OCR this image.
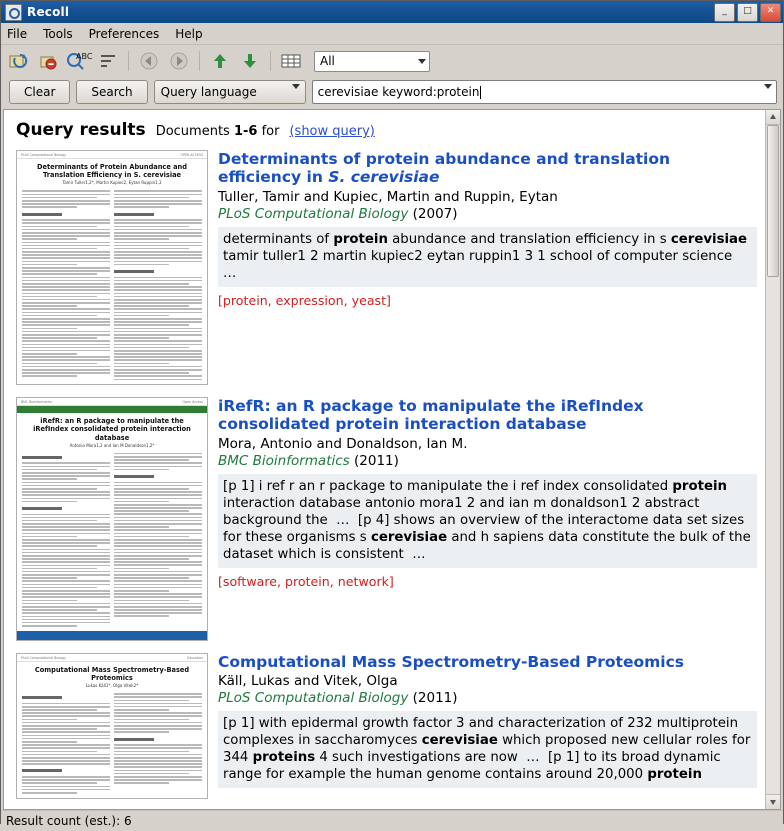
Recoll	_	□	✕
File Tools Preferences Help
ABC	All
Clear	Search	Query language	cerevisiae keyword:protein
Query results Documents 1-6 for (show query)
PLoS Computational Biology	OPEN ACCESS
Determinants of Protein Abundance and Translation Efficiency in S. cerevisiae
Tamir Tuller1,2*, Martin Kupiec2, Eytan Ruppin1,3
Determinants of protein abundance and translation efficiency in S. cerevisiae
Tuller, Tamir and Kupiec, Martin and Ruppin, Eytan
PLoS Computational Biology (2007)
determinants of protein abundance and translation efficiency in s cerevisiae tamir tuller1 2 martin kupiec2 eytan ruppin1 3 1 school of computer science
…
[protein, expression, yeast]
BMC Bioinformatics	Open Access
iRefR: an R package to manipulate the iRefIndex consolidated protein interaction database
Antonio Mora1,2 and Ian M Donaldson1,2*
iRefR: an R package to manipulate the iRefIndex consolidated protein interaction database
Mora, Antonio and Donaldson, Ian M.
BMC Bioinformatics (2011)
[p 1] i ref r an r package to manipulate the i ref index consolidated protein interaction database antonio mora1 2 and ian m donaldson1 2 abstract background the  …  [p 4] shows an overview of the interactome data set sizes for these organisms s cerevisiae and h sapiens data constitute the bulk of the dataset which is consistent  …
[software, protein, network]
PLoS Computational Biology	Education
Computational Mass Spectrometry-Based Proteomics
Lukas Käll1*, Olga Vitek2*
Computational Mass Spectrometry-Based Proteomics
Käll, Lukas and Vitek, Olga
PLoS Computational Biology (2011)
[p 1] with epidermal growth factor 3 and characterization of 232 multiprotein complexes in saccharomyces cerevisiae which proposed new cellular roles for 344 proteins 4 such investigations are now  …  [p 1] to its broad dynamic range for example the human genome contains around 20,000 protein
Result count (est.): 6
